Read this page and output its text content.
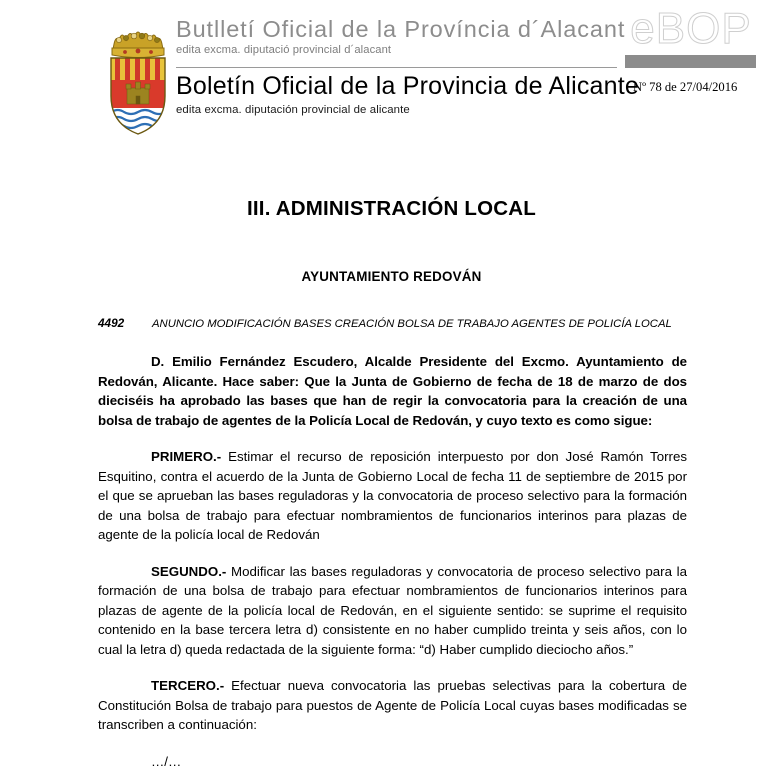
Butlletí Oficial de la Província d´Alacant
edita excma. diputació provincial d´alacant
Boletín Oficial de la Provincia de Alicante
edita excma. diputación provincial de alicante
eBOP
Nº 78 de 27/04/2016
III. ADMINISTRACIÓN LOCAL
AYUNTAMIENTO REDOVÁN
4492 ANUNCIO MODIFICACIÓN BASES CREACIÓN BOLSA DE TRABAJO AGENTES DE POLICÍA LOCAL

D. Emilio Fernández Escudero, Alcalde Presidente del Excmo. Ayuntamiento de Redován, Alicante. Hace saber: Que la Junta de Gobierno de fecha de 18 de marzo de dos dieciséis ha aprobado las bases que han de regir la convocatoria para la creación de una bolsa de trabajo de agentes de la Policía Local de Redován, y cuyo texto es como sigue:

PRIMERO.- Estimar el recurso de reposición interpuesto por don José Ramón Torres Esquitino, contra el acuerdo de la Junta de Gobierno Local de fecha 11 de septiembre de 2015 por el que se aprueban las bases reguladoras y la convocatoria de proceso selectivo para la formación de una bolsa de trabajo para efectuar nombramientos de funcionarios interinos para plazas de agente de la policía local de Redován

SEGUNDO.- Modificar las bases reguladoras y convocatoria de proceso selectivo para la formación de una bolsa de trabajo para efectuar nombramientos de funcionarios interinos para plazas de agente de la policía local de Redován, en el siguiente sentido: se suprime el requisito contenido en la base tercera letra d) consistente en no haber cumplido treinta y seis años, con lo cual la letra d) queda redactada de la siguiente forma: “d) Haber cumplido dieciocho años.”

TERCERO.- Efectuar nueva convocatoria las pruebas selectivas para la cobertura de Constitución Bolsa de trabajo para puestos de Agente de Policía Local cuyas bases modificadas se transcriben a continuación:

…/…
